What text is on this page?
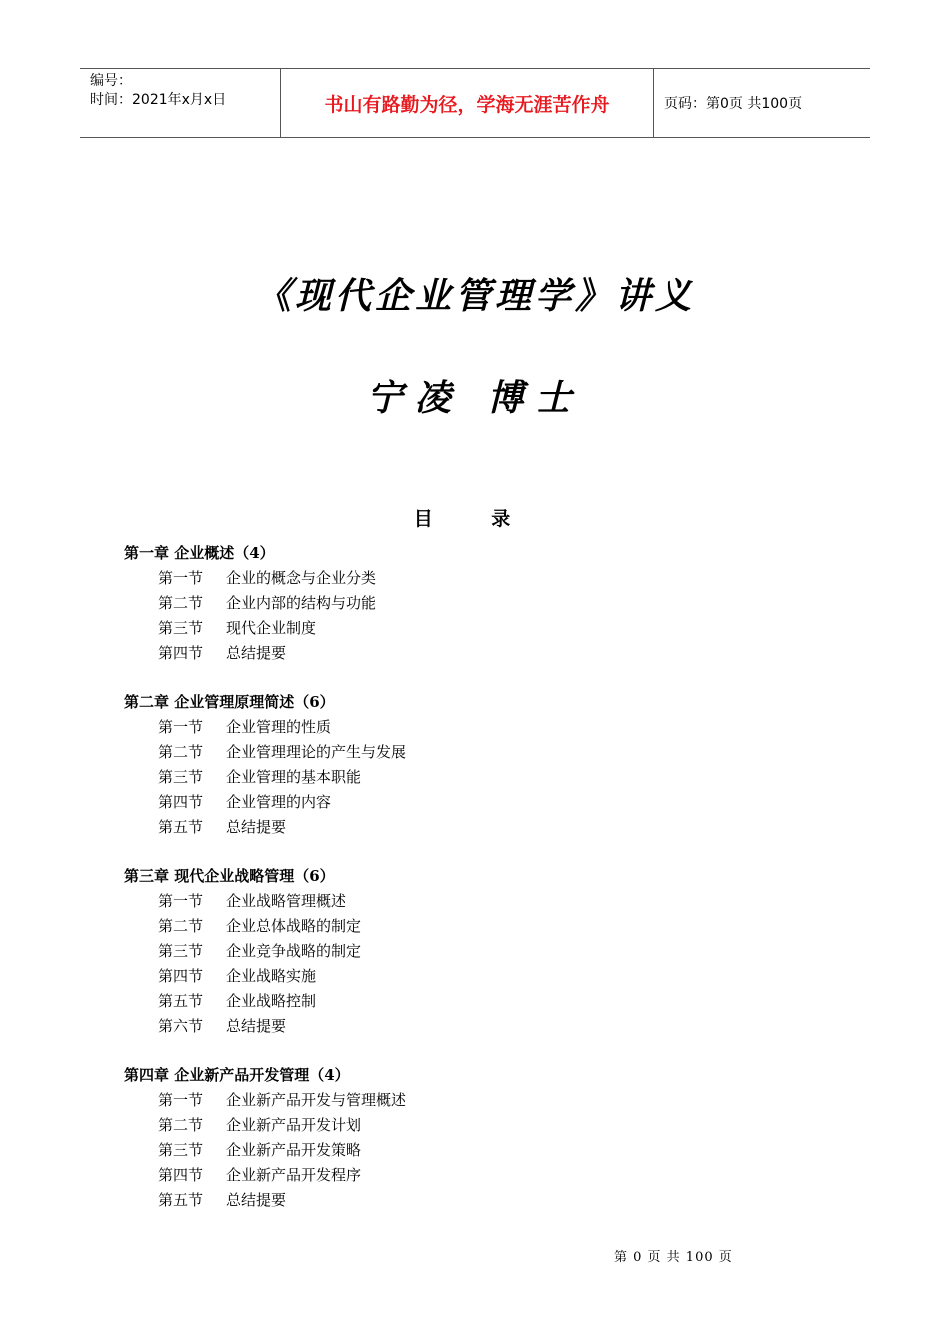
编号：
时间：2021年x月x日	书山有路勤为径，学海无涯苦作舟	页码：第0页 共100页
《现代企业管理学》讲义
宁凌 博士
目 录
第一章 企业概述（4）
第一节 企业的概念与企业分类
第二节 企业内部的结构与功能
第三节 现代企业制度
第四节 总结提要
第二章 企业管理原理简述（6）
第一节 企业管理的性质
第二节 企业管理理论的产生与发展
第三节 企业管理的基本职能
第四节 企业管理的内容
第五节 总结提要
第三章 现代企业战略管理（6）
第一节 企业战略管理概述
第二节 企业总体战略的制定
第三节 企业竞争战略的制定
第四节 企业战略实施
第五节 企业战略控制
第六节 总结提要
第四章 企业新产品开发管理（4）
第一节 企业新产品开发与管理概述
第二节 企业新产品开发计划
第三节 企业新产品开发策略
第四节 企业新产品开发程序
第五节 总结提要
第 0 页 共 100 页
